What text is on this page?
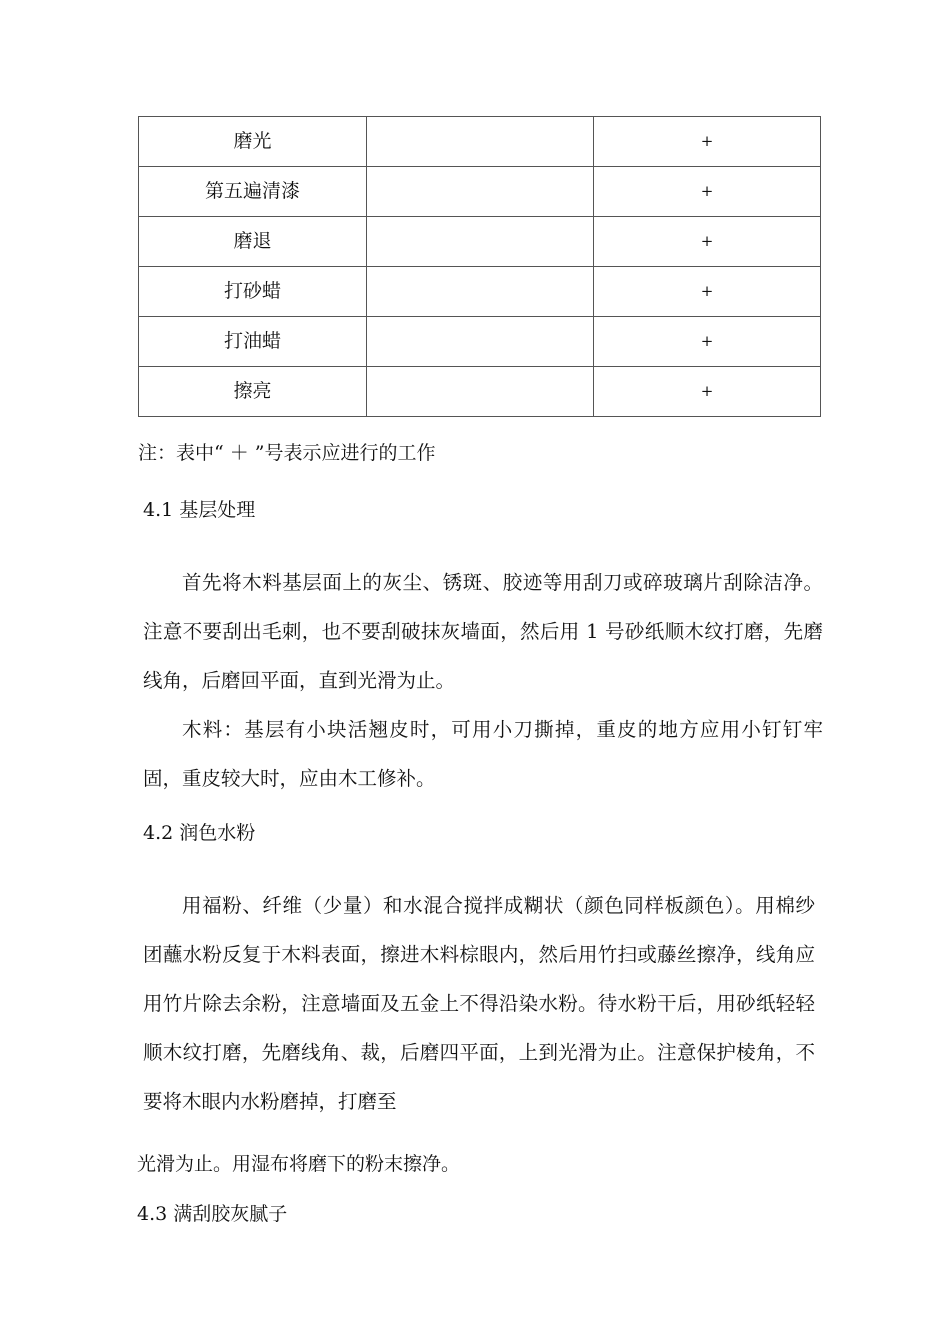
磨光		+
第五遍清漆		+
磨退		+
打砂蜡		+
打油蜡		+
擦亮		+
注：表中“ ＋ ”号表示应进行的工作
4.1 基层处理

首先将木料基层面上的灰尘、锈斑、胶迹等用刮刀或碎玻璃片刮除洁净。注意不要刮出毛刺，也不要刮破抹灰墙面，然后用 1 号砂纸顺木纹打磨，先磨线角，后磨回平面，直到光滑为止。

木料：基层有小块活翘皮时，可用小刀撕掉，重皮的地方应用小钉钉牢固，重皮较大时，应由木工修补。

4.2 润色水粉

用福粉、纤维（少量）和水混合搅拌成糊状（颜色同样板颜色）。用棉纱团蘸水粉反复于木料表面，擦进木料棕眼内，然后用竹扫或藤丝擦净，线角应用竹片除去余粉，注意墙面及五金上不得沿染水粉。待水粉干后，用砂纸轻轻顺木纹打磨，先磨线角、裁，后磨四平面，上到光滑为止。注意保护棱角，不要将木眼内水粉磨掉，打磨至

光滑为止。用湿布将磨下的粉末擦净。
4.3 满刮胶灰腻子
